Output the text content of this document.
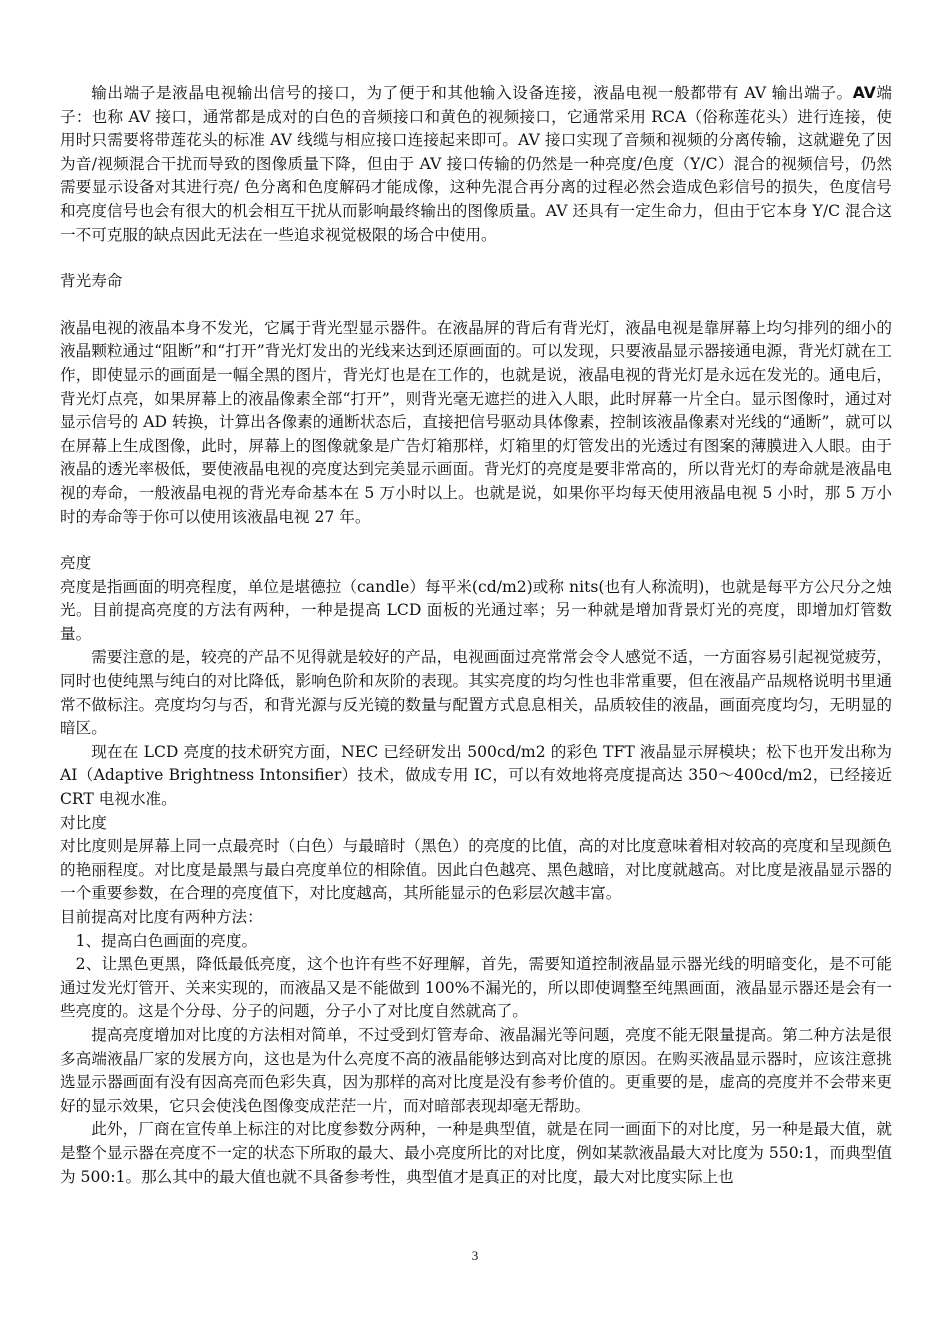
输出端子是液晶电视输出信号的接口，为了便于和其他输入设备连接，液晶电视一般都带有 AV 输出端子。AV端子：也称 AV 接口，通常都是成对的白色的音频接口和黄色的视频接口，它通常采用 RCA（俗称莲花头）进行连接，使用时只需要将带莲花头的标准 AV 线缆与相应接口连接起来即可。AV 接口实现了音频和视频的分离传输，这就避免了因为音/视频混合干扰而导致的图像质量下降，但由于 AV 接口传输的仍然是一种亮度/色度（Y/C）混合的视频信号，仍然需要显示设备对其进行亮/ 色分离和色度解码才能成像，这种先混合再分离的过程必然会造成色彩信号的损失，色度信号和亮度信号也会有很大的机会相互干扰从而影响最终输出的图像质量。AV 还具有一定生命力，但由于它本身 Y/C 混合这一不可克服的缺点因此无法在一些追求视觉极限的场合中使用。

背光寿命

液晶电视的液晶本身不发光，它属于背光型显示器件。在液晶屏的背后有背光灯，液晶电视是靠屏幕上均匀排列的细小的液晶颗粒通过“阻断”和“打开”背光灯发出的光线来达到还原画面的。可以发现，只要液晶显示器接通电源，背光灯就在工作，即使显示的画面是一幅全黑的图片，背光灯也是在工作的，也就是说，液晶电视的背光灯是永远在发光的。通电后，背光灯点亮，如果屏幕上的液晶像素全部“打开”，则背光毫无遮拦的进入人眼，此时屏幕一片全白。显示图像时，通过对显示信号的 AD 转换，计算出各像素的通断状态后，直接把信号驱动具体像素，控制该液晶像素对光线的“通断”，就可以在屏幕上生成图像，此时，屏幕上的图像就象是广告灯箱那样，灯箱里的灯管发出的光透过有图案的薄膜进入人眼。由于液晶的透光率极低，要使液晶电视的亮度达到完美显示画面。背光灯的亮度是要非常高的，所以背光灯的寿命就是液晶电视的寿命，一般液晶电视的背光寿命基本在 5 万小时以上。也就是说，如果你平均每天使用液晶电视 5 小时，那 5 万小时的寿命等于你可以使用该液晶电视 27 年。

亮度

亮度是指画面的明亮程度，单位是堪德拉（candle）每平米(cd/m2)或称 nits(也有人称流明)，也就是每平方公尺分之烛光。目前提高亮度的方法有两种，一种是提高 LCD 面板的光通过率；另一种就是增加背景灯光的亮度，即增加灯管数量。

需要注意的是，较亮的产品不见得就是较好的产品，电视画面过亮常常会令人感觉不适，一方面容易引起视觉疲劳，同时也使纯黑与纯白的对比降低，影响色阶和灰阶的表现。其实亮度的均匀性也非常重要，但在液晶产品规格说明书里通常不做标注。亮度均匀与否，和背光源与反光镜的数量与配置方式息息相关，品质较佳的液晶，画面亮度均匀，无明显的暗区。

现在在 LCD 亮度的技术研究方面，NEC 已经研发出 500cd/m2 的彩色 TFT 液晶显示屏模块；松下也开发出称为 AI（Adaptive Brightness Intonsifier）技术，做成专用 IC，可以有效地将亮度提高达 350～400cd/m2，已经接近 CRT 电视水准。

对比度

对比度则是屏幕上同一点最亮时（白色）与最暗时（黑色）的亮度的比值，高的对比度意味着相对较高的亮度和呈现颜色的艳丽程度。对比度是最黑与最白亮度单位的相除值。因此白色越亮、黑色越暗，对比度就越高。对比度是液晶显示器的一个重要参数，在合理的亮度值下，对比度越高，其所能显示的色彩层次越丰富。

目前提高对比度有两种方法：

1、提高白色画面的亮度。

2、让黑色更黑，降低最低亮度，这个也许有些不好理解，首先，需要知道控制液晶显示器光线的明暗变化，是不可能通过发光灯管开、关来实现的，而液晶又是不能做到 100%不漏光的，所以即使调整至纯黑画面，液晶显示器还是会有一些亮度的。这是个分母、分子的问题，分子小了对比度自然就高了。

提高亮度增加对比度的方法相对简单，不过受到灯管寿命、液晶漏光等问题，亮度不能无限量提高。第二种方法是很多高端液晶厂家的发展方向，这也是为什么亮度不高的液晶能够达到高对比度的原因。在购买液晶显示器时，应该注意挑选显示器画面有没有因高亮而色彩失真，因为那样的高对比度是没有参考价值的。更重要的是，虚高的亮度并不会带来更好的显示效果，它只会使浅色图像变成茫茫一片，而对暗部表现却毫无帮助。

此外，厂商在宣传单上标注的对比度参数分两种，一种是典型值，就是在同一画面下的对比度，另一种是最大值，就是整个显示器在亮度不一定的状态下所取的最大、最小亮度所比的对比度，例如某款液晶最大对比度为 550:1，而典型值为 500:1。那么其中的最大值也就不具备参考性，典型值才是真正的对比度，最大对比度实际上也

3
